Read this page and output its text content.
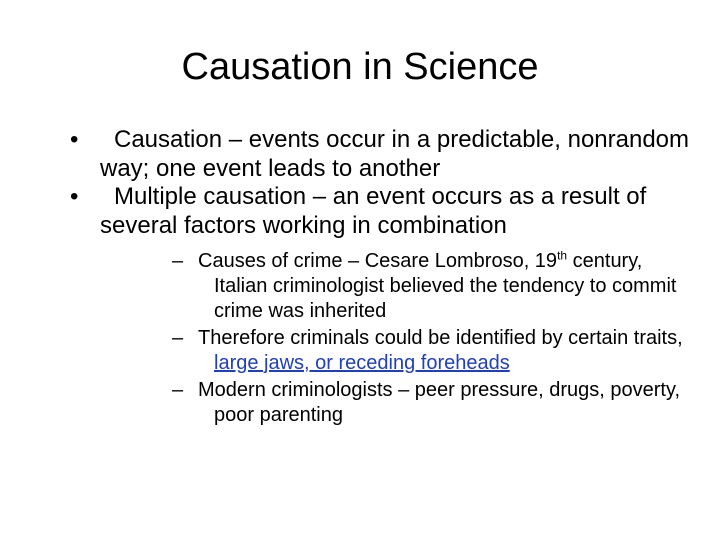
Causation in Science
• Causation – events occur in a predictable, nonrandom way; one event leads to another
• Multiple causation – an event occurs as a result of several factors working in combination
– Causes of crime – Cesare Lombroso, 19th century, Italian criminologist believed the tendency to commit crime was inherited
– Therefore criminals could be identified by certain traits, large jaws, or receding foreheads
– Modern criminologists – peer pressure, drugs, poverty, poor parenting
